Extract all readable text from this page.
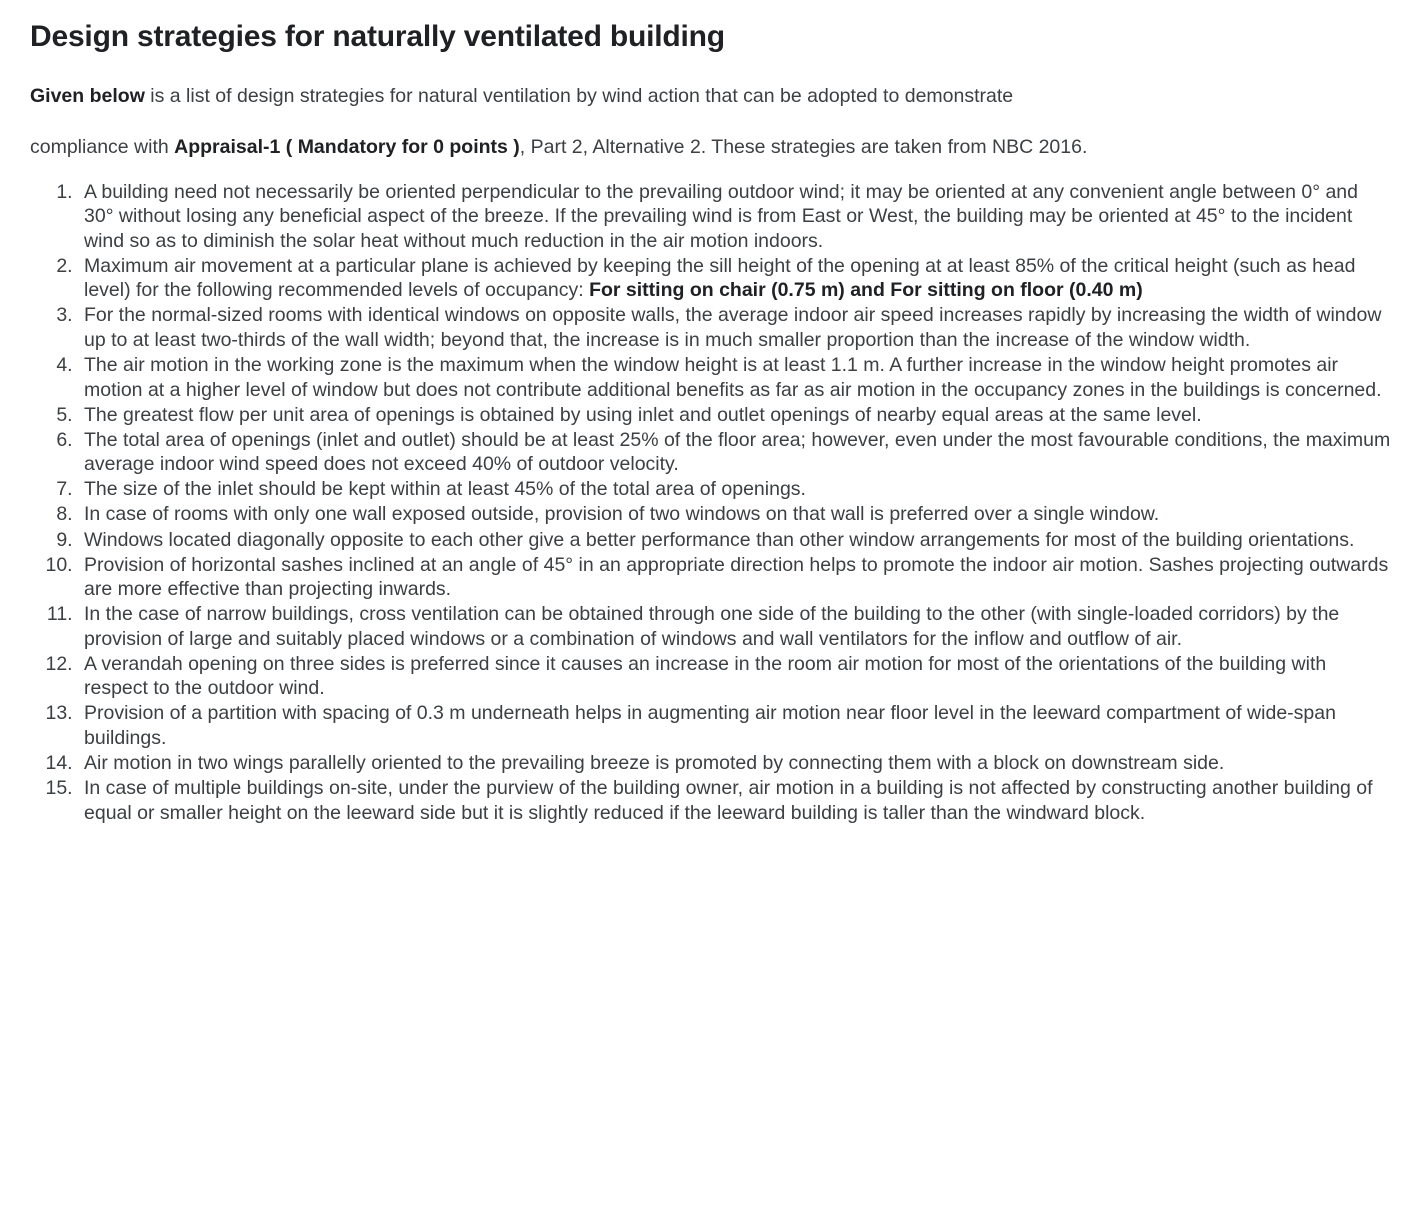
Design strategies for naturally ventilated building

Given below is a list of design strategies for natural ventilation by wind action that can be adopted to demonstrate

compliance with Appraisal-1 ( Mandatory for 0 points ), Part 2, Alternative 2. These strategies are taken from NBC 2016.

1. A building need not necessarily be oriented perpendicular to the prevailing outdoor wind; it may be oriented at any convenient angle between 0° and 30° without losing any beneficial aspect of the breeze. If the prevailing wind is from East or West, the building may be oriented at 45° to the incident wind so as to diminish the solar heat without much reduction in the air motion indoors.
2. Maximum air movement at a particular plane is achieved by keeping the sill height of the opening at at least 85% of the critical height (such as head level) for the following recommended levels of occupancy: For sitting on chair (0.75 m) and For sitting on floor (0.40 m)
3. For the normal-sized rooms with identical windows on opposite walls, the average indoor air speed increases rapidly by increasing the width of window up to at least two-thirds of the wall width; beyond that, the increase is in much smaller proportion than the increase of the window width.
4. The air motion in the working zone is the maximum when the window height is at least 1.1 m. A further increase in the window height promotes air motion at a higher level of window but does not contribute additional benefits as far as air motion in the occupancy zones in the buildings is concerned.
5. The greatest flow per unit area of openings is obtained by using inlet and outlet openings of nearby equal areas at the same level.
6. The total area of openings (inlet and outlet) should be at least 25% of the floor area; however, even under the most favourable conditions, the maximum average indoor wind speed does not exceed 40% of outdoor velocity.
7. The size of the inlet should be kept within at least 45% of the total area of openings.
8. In case of rooms with only one wall exposed outside, provision of two windows on that wall is preferred over a single window.
9. Windows located diagonally opposite to each other give a better performance than other window arrangements for most of the building orientations.
10. Provision of horizontal sashes inclined at an angle of 45° in an appropriate direction helps to promote the indoor air motion. Sashes projecting outwards are more effective than projecting inwards.
11. In the case of narrow buildings, cross ventilation can be obtained through one side of the building to the other (with single-loaded corridors) by the provision of large and suitably placed windows or a combination of windows and wall ventilators for the inflow and outflow of air.
12. A verandah opening on three sides is preferred since it causes an increase in the room air motion for most of the orientations of the building with respect to the outdoor wind.
13. Provision of a partition with spacing of 0.3 m underneath helps in augmenting air motion near floor level in the leeward compartment of wide-span buildings.
14. Air motion in two wings parallelly oriented to the prevailing breeze is promoted by connecting them with a block on downstream side.
15. In case of multiple buildings on-site, under the purview of the building owner, air motion in a building is not affected by constructing another building of equal or smaller height on the leeward side but it is slightly reduced if the leeward building is taller than the windward block.
